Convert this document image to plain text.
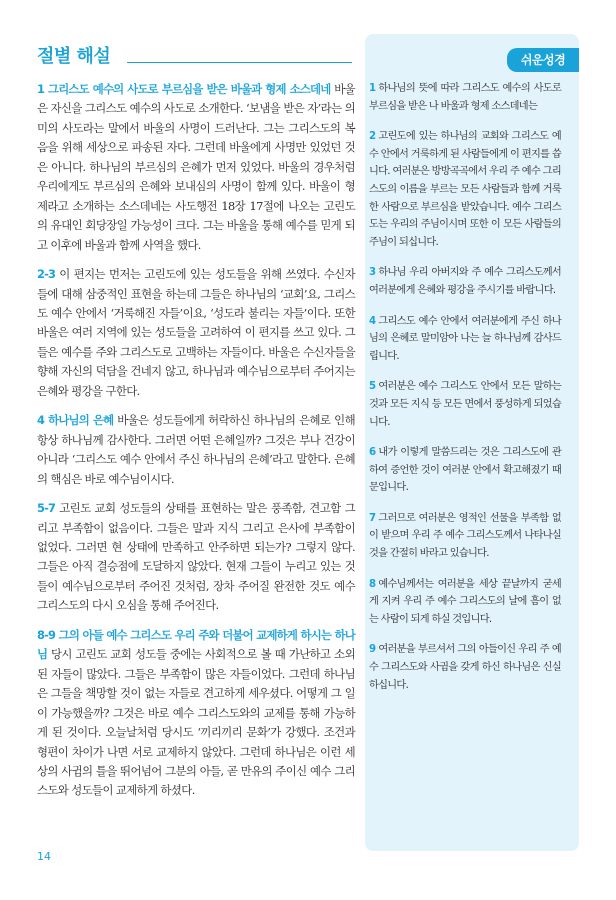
절별 해설

1 그리스도 예수의 사도로 부르심을 받은 바울과 형제 소스데네 바울은 자신을 그리스도 예수의 사도로 소개한다. ‘보냄을 받은 자’라는 의미의 사도라는 말에서 바울의 사명이 드러난다. 그는 그리스도의 복음을 위해 세상으로 파송된 자다. 그런데 바울에게 사명만 있었던 것은 아니다. 하나님의 부르심의 은혜가 먼저 있었다. 바울의 경우처럼 우리에게도 부르심의 은혜와 보내심의 사명이 함께 있다. 바울이 형제라고 소개하는 소스데네는 사도행전 18장 17절에 나오는 고린도의 유대인 회당장일 가능성이 크다. 그는 바울을 통해 예수를 믿게 되고 이후에 바울과 함께 사역을 했다.

2-3 이 편지는 먼저는 고린도에 있는 성도들을 위해 쓰였다. 수신자들에 대해 삼중적인 표현을 하는데 그들은 하나님의 ‘교회’요, 그리스도 예수 안에서 ‘거룩해진 자들’이요, ‘성도라 불리는 자들’이다. 또한 바울은 여러 지역에 있는 성도들을 고려하여 이 편지를 쓰고 있다. 그들은 예수를 주와 그리스도로 고백하는 자들이다. 바울은 수신자들을 향해 자신의 덕담을 건네지 않고, 하나님과 예수님으로부터 주어지는 은혜와 평강을 구한다.

4 하나님의 은혜 바울은 성도들에게 허락하신 하나님의 은혜로 인해 항상 하나님께 감사한다. 그러면 어떤 은혜일까? 그것은 부나 건강이 아니라 ‘그리스도 예수 안에서 주신 하나님의 은혜’라고 말한다. 은혜의 핵심은 바로 예수님이시다.

5-7 고린도 교회 성도들의 상태를 표현하는 말은 풍족함, 견고함 그리고 부족함이 없음이다. 그들은 말과 지식 그리고 은사에 부족함이 없었다. 그러면 현 상태에 만족하고 안주하면 되는가? 그렇지 않다. 그들은 아직 결승점에 도달하지 않았다. 현재 그들이 누리고 있는 것들이 예수님으로부터 주어진 것처럼, 장차 주어질 완전한 것도 예수 그리스도의 다시 오심을 통해 주어진다.

8-9 그의 아들 예수 그리스도 우리 주와 더불어 교제하게 하시는 하나님 당시 고린도 교회 성도들 중에는 사회적으로 볼 때 가난하고 소외된 자들이 많았다. 그들은 부족함이 많은 자들이었다. 그런데 하나님은 그들을 책망할 것이 없는 자들로 견고하게 세우셨다. 어떻게 그 일이 가능했을까? 그것은 바로 예수 그리스도와의 교제를 통해 가능하게 된 것이다. 오늘날처럼 당시도 ‘끼리끼리 문화’가 강했다. 조건과 형편이 차이가 나면 서로 교제하지 않았다. 그런데 하나님은 이런 세상의 사귐의 틀을 뛰어넘어 그분의 아들, 곧 만유의 주이신 예수 그리스도와 성도들이 교제하게 하셨다.

14
쉬운성경

1 하나님의 뜻에 따라 그리스도 예수의 사도로 부르심을 받은 나 바울과 형제 소스데네는

2 고린도에 있는 하나님의 교회와 그리스도 예수 안에서 거룩하게 된 사람들에게 이 편지를 씁니다. 여러분은 방방곡곡에서 우리 주 예수 그리스도의 이름을 부르는 모든 사람들과 함께 거룩한 사람으로 부르심을 받았습니다. 예수 그리스도는 우리의 주님이시며 또한 이 모든 사람들의 주님이 되십니다.

3 하나님 우리 아버지와 주 예수 그리스도께서 여러분에게 은혜와 평강을 주시기를 바랍니다.

4 그리스도 예수 안에서 여러분에게 주신 하나님의 은혜로 말미암아 나는 늘 하나님께 감사드립니다.

5 여러분은 예수 그리스도 안에서 모든 말하는 것과 모든 지식 등 모든 면에서 풍성하게 되었습니다.

6 내가 이렇게 말씀드리는 것은 그리스도에 관하여 증언한 것이 여러분 안에서 확고해졌기 때문입니다.

7 그러므로 여러분은 영적인 선물을 부족함 없이 받으며 우리 주 예수 그리스도께서 나타나실 것을 간절히 바라고 있습니다.

8 예수님께서는 여러분을 세상 끝날까지 굳세게 지켜 우리 주 예수 그리스도의 날에 흠이 없는 사람이 되게 하실 것입니다.

9 여러분을 부르셔서 그의 아들이신 우리 주 예수 그리스도와 사귐을 갖게 하신 하나님은 신실하십니다.
